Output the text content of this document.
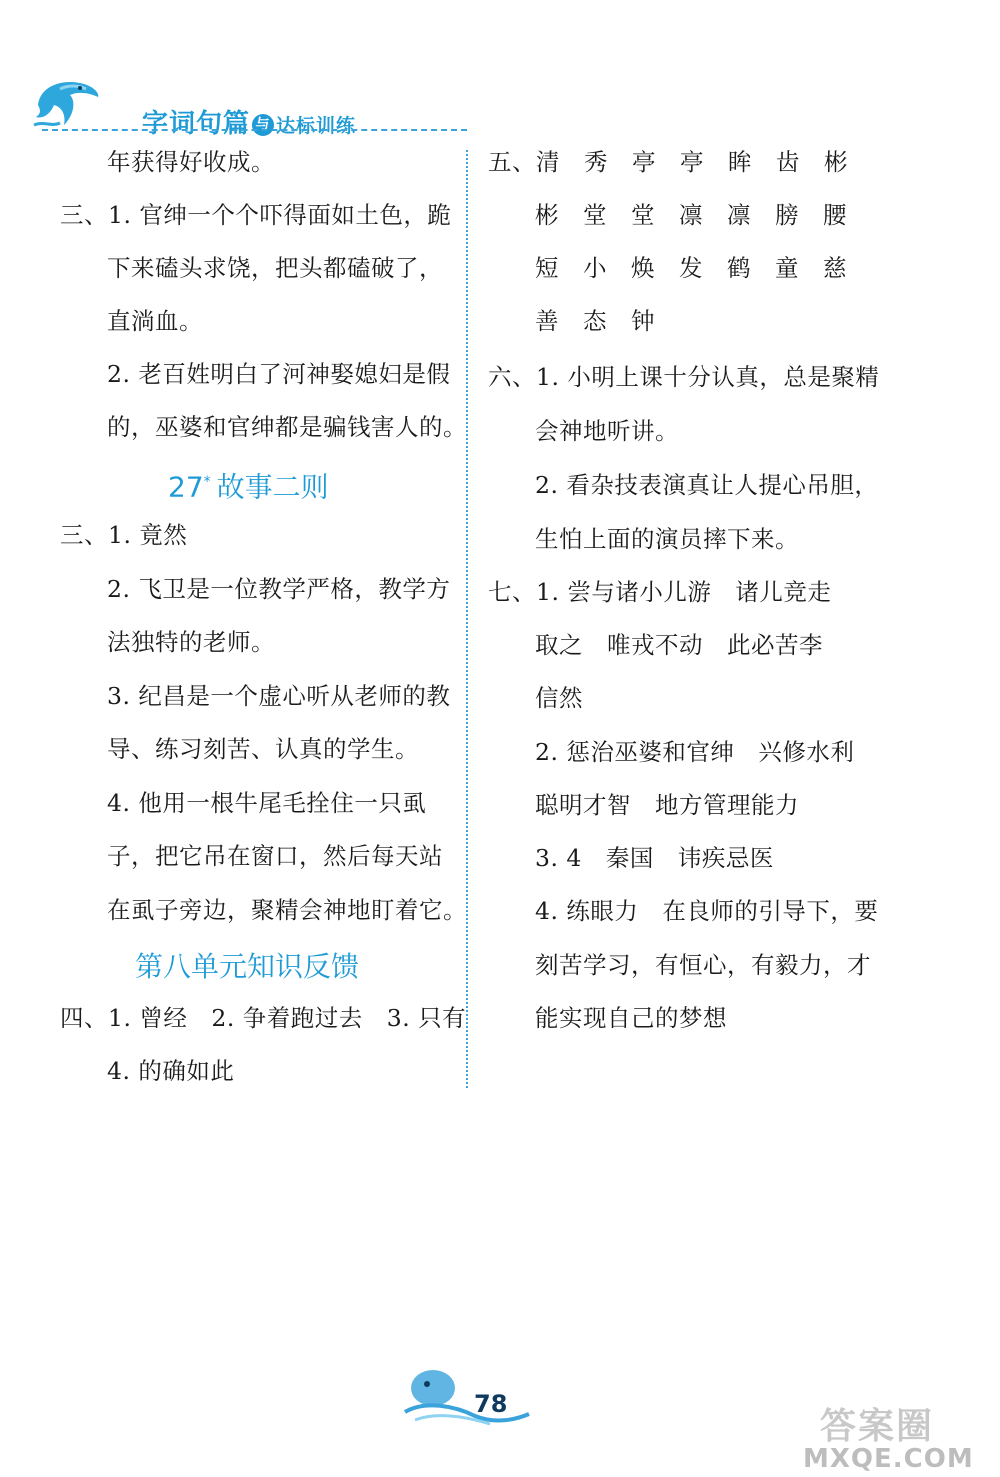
字词句篇 与 达标训练
年获得好收成。
三、1. 官绅一个个吓得面如土色，跪
下来磕头求饶，把头都磕破了，
直淌血。
2. 老百姓明白了河神娶媳妇是假
的，巫婆和官绅都是骗钱害人的。
27* 故事二则
三、1. 竟然
2. 飞卫是一位教学严格，教学方
法独特的老师。
3. 纪昌是一个虚心听从老师的教
导、练习刻苦、认真的学生。
4. 他用一根牛尾毛拴住一只虱
子，把它吊在窗口，然后每天站
在虱子旁边，聚精会神地盯着它。
第八单元知识反馈
四、1. 曾经　2. 争着跑过去　3. 只有
4. 的确如此
五、清　秀　亭　亭　眸　齿　彬
彬　堂　堂　凛　凛　膀　腰
短　小　焕　发　鹤　童　慈
善　态　钟
六、1. 小明上课十分认真，总是聚精
会神地听讲。
2. 看杂技表演真让人提心吊胆，
生怕上面的演员摔下来。
七、1. 尝与诸小儿游　诸儿竞走
取之　唯戎不动　此必苦李
信然
2. 惩治巫婆和官绅　兴修水利
聪明才智　地方管理能力
3. 4　秦国　讳疾忌医
4. 练眼力　在良师的引导下，要
刻苦学习，有恒心，有毅力，才
能实现自己的梦想
78
答案圈
MXQE.COM
